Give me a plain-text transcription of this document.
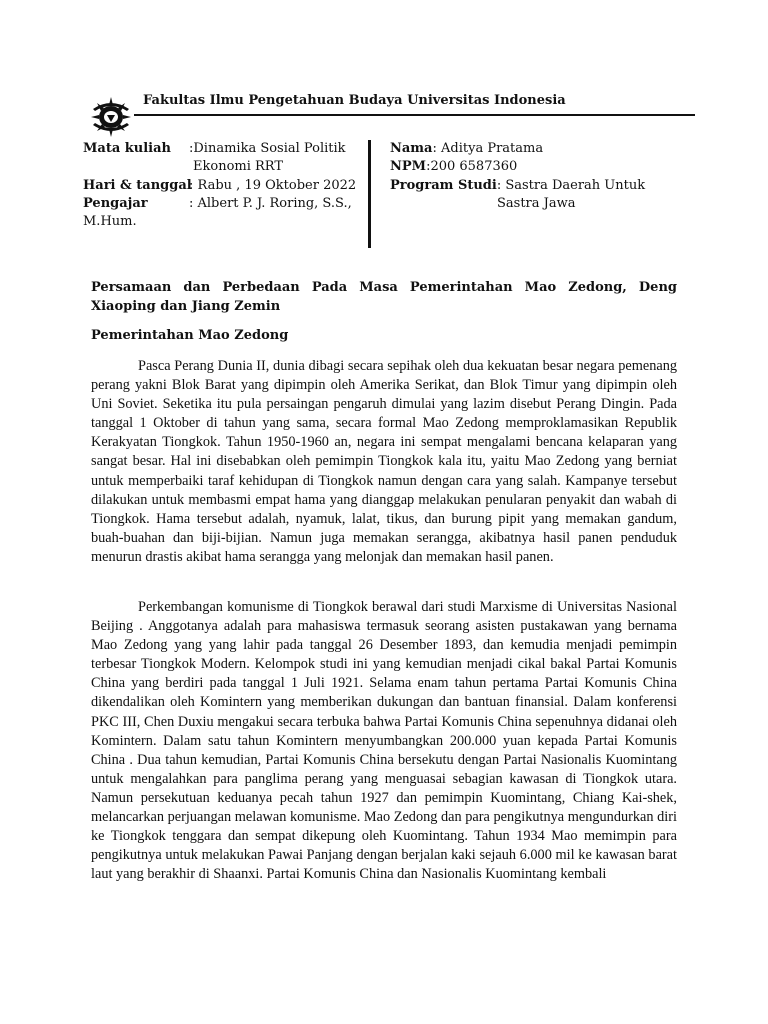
Fakultas Ilmu Pengetahuan Budaya Universitas Indonesia
Mata kuliah :Dinamika Sosial Politik
Ekonomi RRT
Hari & tanggal
: Rabu , 19 Oktober 2022
Pengajar	: Albert P. J. Roring, S.S.,
M.Hum.
Nama: Aditya Pratama
NPM:200 6587360
Program Studi: Sastra Daerah Untuk
Sastra Jawa
Persamaan dan Perbedaan Pada Masa Pemerintahan Mao Zedong, Deng Xiaoping dan Jiang Zemin
Pemerintahan Mao Zedong

Pasca Perang Dunia II, dunia dibagi secara sepihak oleh dua kekuatan besar negara pemenang perang yakni Blok Barat yang dipimpin oleh Amerika Serikat, dan Blok Timur yang dipimpin oleh Uni Soviet. Seketika itu pula persaingan pengaruh dimulai yang lazim disebut Perang Dingin. Pada tanggal 1 Oktober di tahun yang sama, secara formal Mao Zedong memproklamasikan Republik Kerakyatan Tiongkok. Tahun 1950-1960 an, negara ini sempat mengalami bencana kelaparan yang sangat besar. Hal ini disebabkan oleh pemimpin Tiongkok kala itu, yaitu Mao Zedong yang berniat untuk memperbaiki taraf kehidupan di Tiongkok namun dengan cara yang salah. Kampanye tersebut dilakukan untuk membasmi empat hama yang dianggap melakukan penularan penyakit dan wabah di Tiongkok. Hama tersebut adalah, nyamuk, lalat, tikus, dan burung pipit yang memakan gandum, buah-buahan dan biji-bijian. Namun juga memakan serangga, akibatnya hasil panen penduduk menurun drastis akibat hama serangga yang melonjak dan memakan hasil panen.

Perkembangan komunisme di Tiongkok berawal dari studi Marxisme di Universitas Nasional Beijing . Anggotanya adalah para mahasiswa termasuk seorang asisten pustakawan yang bernama Mao Zedong yang yang lahir pada tanggal 26 Desember 1893, dan kemudia menjadi pemimpin terbesar Tiongkok Modern. Kelompok studi ini yang kemudian menjadi cikal bakal Partai Komunis China yang berdiri pada tanggal 1 Juli 1921. Selama enam tahun pertama Partai Komunis China dikendalikan oleh Komintern yang memberikan dukungan dan bantuan finansial. Dalam konferensi PKC III, Chen Duxiu mengakui secara terbuka bahwa Partai Komunis China sepenuhnya didanai oleh Komintern. Dalam satu tahun Komintern menyumbangkan 200.000 yuan kepada Partai Komunis China . Dua tahun kemudian, Partai Komunis China bersekutu dengan Partai Nasionalis Kuomintang untuk mengalahkan para panglima perang yang menguasai sebagian kawasan di Tiongkok utara. Namun persekutuan keduanya pecah tahun 1927 dan pemimpin Kuomintang, Chiang Kai-shek, melancarkan perjuangan melawan komunisme. Mao Zedong dan para pengikutnya mengundurkan diri ke Tiongkok tenggara dan sempat dikepung oleh Kuomintang. Tahun 1934 Mao memimpin para pengikutnya untuk melakukan Pawai Panjang dengan berjalan kaki sejauh 6.000 mil ke kawasan barat laut yang berakhir di Shaanxi. Partai Komunis China dan Nasionalis Kuomintang kembali
